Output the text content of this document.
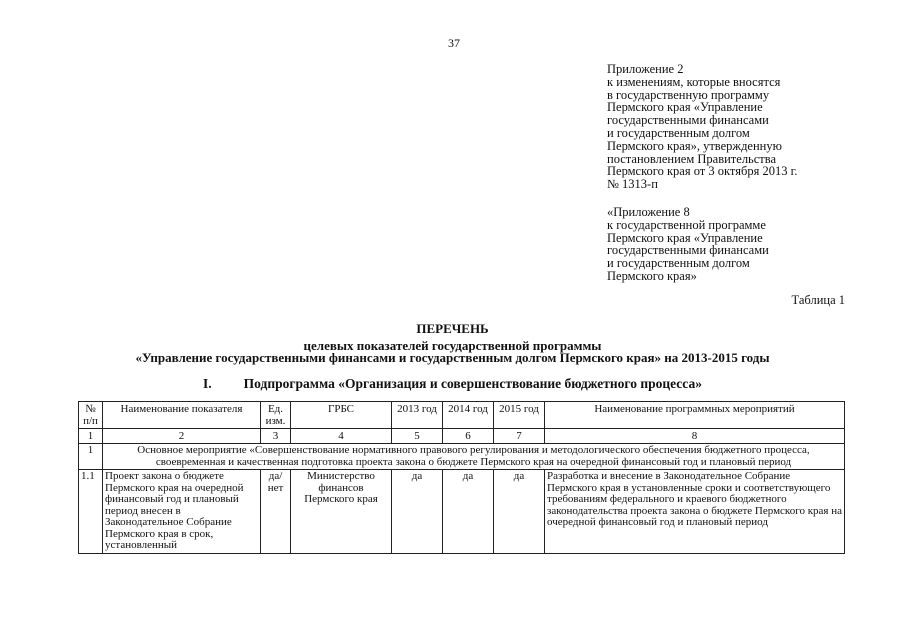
37
Приложение 2
к изменениям, которые вносятся
в государственную программу
Пермского края «Управление
государственными финансами
и государственным долгом
Пермского края», утвержденную
постановлением Правительства
Пермского края от 3 октября 2013 г.
№ 1313-п
«Приложение 8
к государственной программе
Пермского края «Управление
государственными финансами
и государственным долгом
Пермского края»
Таблица 1
ПЕРЕЧЕНЬ
целевых показателей государственной программы
«Управление государственными финансами и государственным долгом Пермского края» на 2013-2015 годы
I. Подпрограмма «Организация и совершенствование бюджетного процесса»
№ п/п	Наименование показателя	Ед. изм.	ГРБС	2013 год	2014 год	2015 год	Наименование программных мероприятий
1	2	3	4	5	6	7	8
1	Основное мероприятие «Совершенствование нормативного правового регулирования и методологического обеспечения бюджетного процесса, своевременная и качественная подготовка проекта закона о бюджете Пермского края на очередной финансовый год и плановый период						
1.1	Проект закона о бюджете Пермского края на очередной финансовый год и плановый период внесен в Законодательное Собрание Пермского края в срок, установленный	да/ нет	Министерство финансов Пермского края	да	да	да	Разработка и внесение в Законодательное Собрание Пермского края в установленные сроки и соответствующего требованиям федерального и краевого бюджетного законодательства проекта закона о бюджете Пермского края на очередной финансовый год и плановый период
